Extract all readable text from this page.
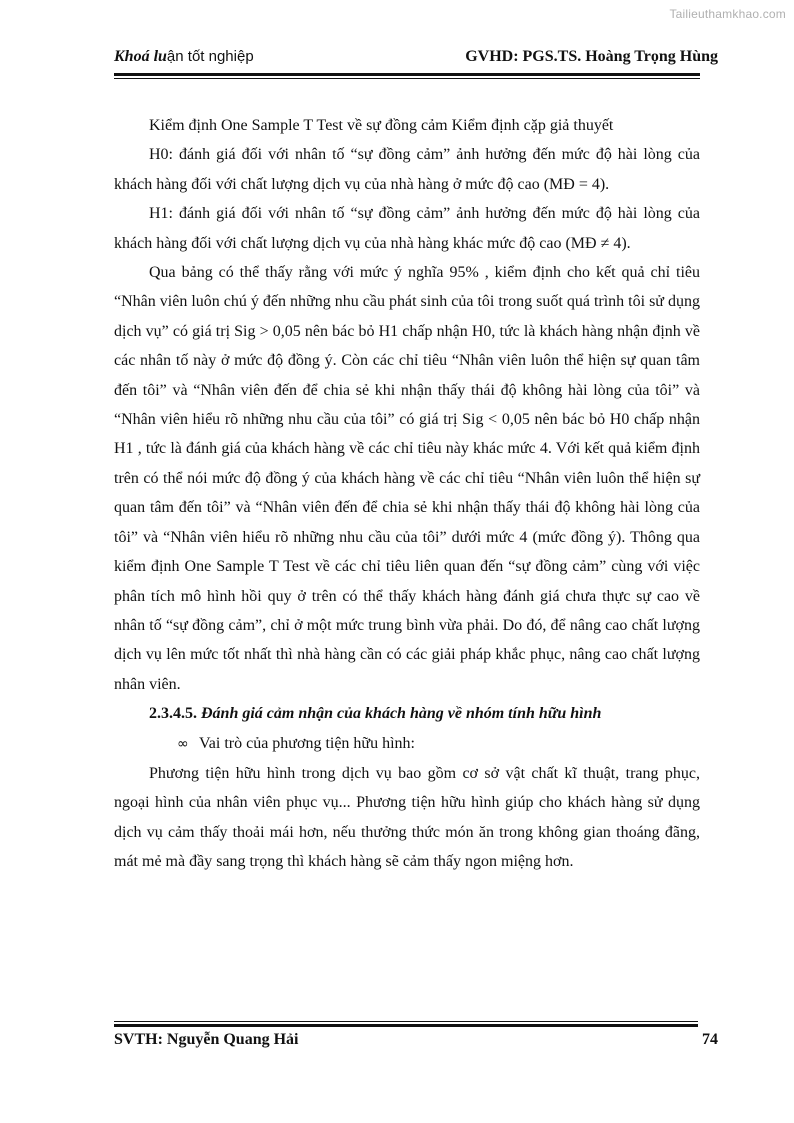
Tailieuthamkhao.com
Khoá luận tốt nghiệp	GVHD: PGS.TS. Hoàng Trọng Hùng

Kiểm định One Sample T Test về sự đồng cảm Kiểm định cặp giả thuyết

H0: đánh giá đối với nhân tố “sự đồng cảm” ảnh hưởng đến mức độ hài lòng của khách hàng đối với chất lượng dịch vụ của nhà hàng ở mức độ cao (MĐ = 4).

H1: đánh giá đối với nhân tố “sự đồng cảm” ảnh hưởng đến mức độ hài lòng của khách hàng đối với chất lượng dịch vụ của nhà hàng khác mức độ cao (MĐ ≠ 4).

Qua bảng có thể thấy rằng với mức ý nghĩa 95% , kiểm định cho kết quả chỉ tiêu “Nhân viên luôn chú ý đến những nhu cầu phát sinh của tôi trong suốt quá trình tôi sử dụng dịch vụ” có giá trị Sig > 0,05 nên bác bỏ H1 chấp nhận H0, tức là khách hàng nhận định về các nhân tố này ở mức độ đồng ý. Còn các chỉ tiêu “Nhân viên luôn thể hiện sự quan tâm đến tôi” và “Nhân viên đến để chia sẻ khi nhận thấy thái độ không hài lòng của tôi” và “Nhân viên hiểu rõ những nhu cầu của tôi” có giá trị Sig < 0,05 nên bác bỏ H0 chấp nhận H1 , tức là đánh giá của khách hàng về các chỉ tiêu này khác mức 4. Với kết quả kiểm định trên có thể nói mức độ đồng ý của khách hàng về các chỉ tiêu “Nhân viên luôn thể hiện sự quan tâm đến tôi” và “Nhân viên đến để chia sẻ khi nhận thấy thái độ không hài lòng của tôi” và “Nhân viên hiểu rõ những nhu cầu của tôi” dưới mức 4 (mức đồng ý). Thông qua kiểm định One Sample T Test về các chỉ tiêu liên quan đến “sự đồng cảm” cùng với việc phân tích mô hình hồi quy ở trên có thể thấy khách hàng đánh giá chưa thực sự cao về nhân tố “sự đồng cảm”, chỉ ở một mức trung bình vừa phải. Do đó, để nâng cao chất lượng dịch vụ lên mức tốt nhất thì nhà hàng cần có các giải pháp khắc phục, nâng cao chất lượng nhân viên.

2.3.4.5. Đánh giá cảm nhận của khách hàng về nhóm tính hữu hình
∞ Vai trò của phương tiện hữu hình:

Phương tiện hữu hình trong dịch vụ bao gồm cơ sở vật chất kĩ thuật, trang phục, ngoại hình của nhân viên phục vụ... Phương tiện hữu hình giúp cho khách hàng sử dụng dịch vụ cảm thấy thoải mái hơn, nếu thưởng thức món ăn trong không gian thoáng đãng, mát mẻ mà đầy sang trọng thì khách hàng sẽ cảm thấy ngon miệng hơn.

SVTH: Nguyễn Quang Hải	74
